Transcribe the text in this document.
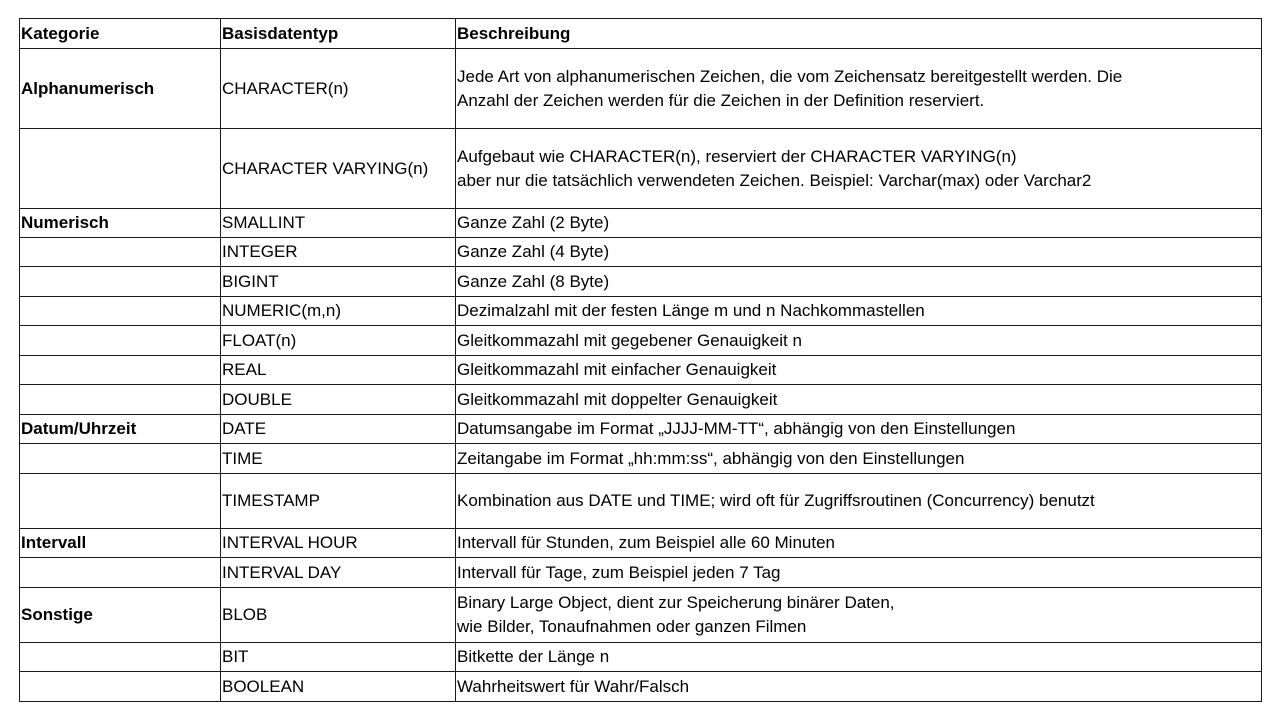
Kategorie	Basisdatentyp	Beschreibung
Alphanumerisch	CHARACTER(n)	Jede Art von alphanumerischen Zeichen, die vom Zeichensatz bereitgestellt werden. Die
Anzahl der Zeichen werden für die Zeichen in der Definition reserviert.

	CHARACTER VARYING(n)	Aufgebaut wie CHARACTER(n), reserviert der CHARACTER VARYING(n)
aber nur die tatsächlich verwendeten Zeichen. Beispiel: Varchar(max) oder Varchar2

Numerisch	SMALLINT	Ganze Zahl (2 Byte)

	INTEGER	Ganze Zahl (4 Byte)

	BIGINT	Ganze Zahl (8 Byte)

	NUMERIC(m,n)	Dezimalzahl mit der festen Länge m und n Nachkommastellen

	FLOAT(n)	Gleitkommazahl mit gegebener Genauigkeit n

	REAL	Gleitkommazahl mit einfacher Genauigkeit

	DOUBLE	Gleitkommazahl mit doppelter Genauigkeit

Datum/Uhrzeit	DATE	Datumsangabe im Format „JJJJ-MM-TT“, abhängig von den Einstellungen

	TIME	Zeitangabe im Format „hh:mm:ss“, abhängig von den Einstellungen

	TIMESTAMP	Kombination aus DATE und TIME; wird oft für Zugriffsroutinen (Concurrency) benutzt

Intervall	INTERVAL HOUR	Intervall für Stunden, zum Beispiel alle 60 Minuten

	INTERVAL DAY	Intervall für Tage, zum Beispiel jeden 7 Tag

Sonstige	BLOB	Binary Large Object, dient zur Speicherung binärer Daten,
wie Bilder, Tonaufnahmen oder ganzen Filmen

	BIT	Bitkette der Länge n

	BOOLEAN	Wahrheitswert für Wahr/Falsch
